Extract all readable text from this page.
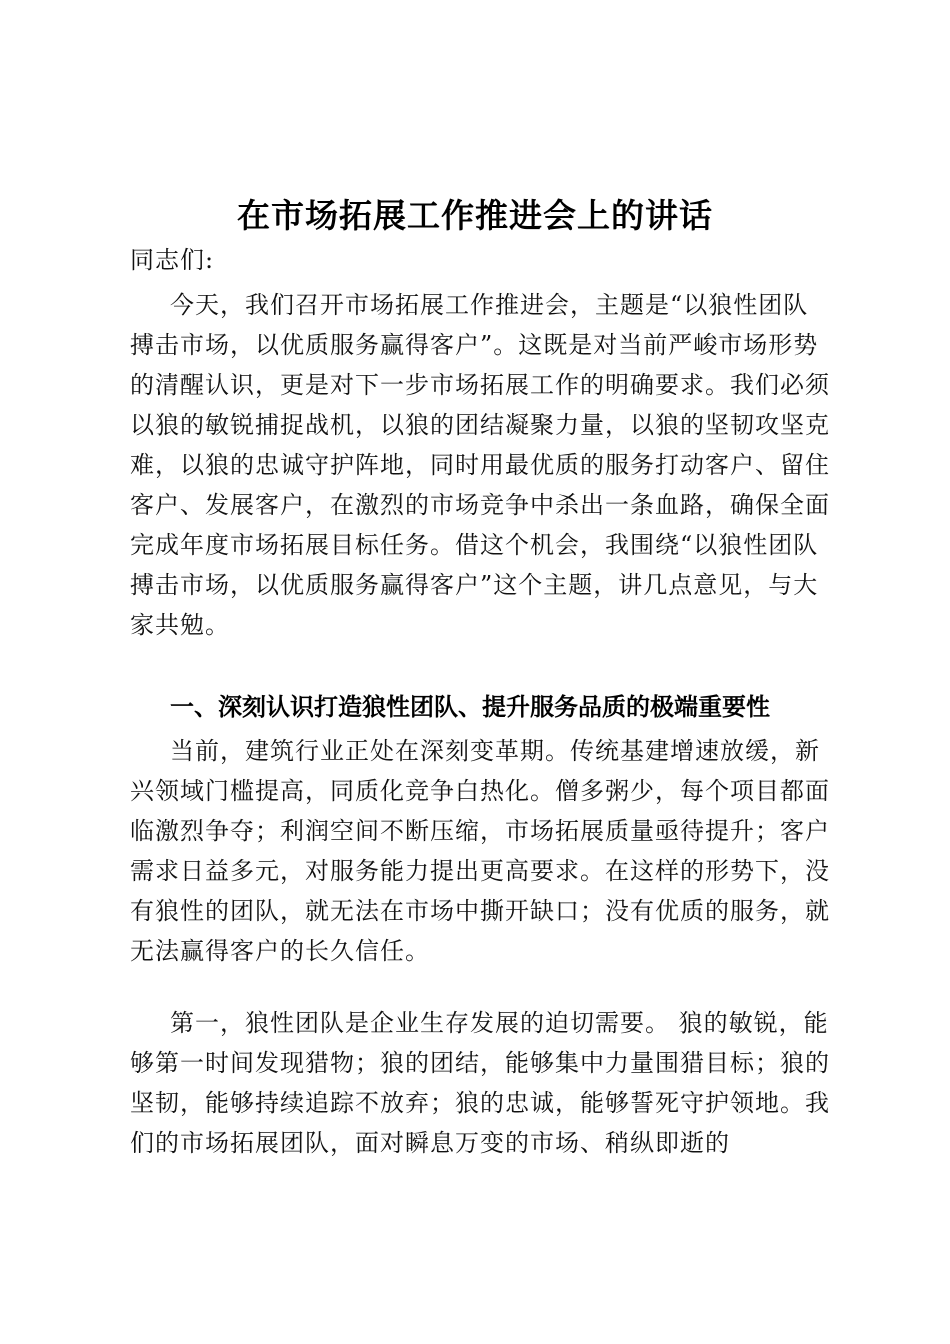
在市场拓展工作推进会上的讲话

同志们:

今天，我们召开市场拓展工作推进会，主题是“以狼性团队搏击市场，以优质服务赢得客户”。这既是对当前严峻市场形势的清醒认识，更是对下一步市场拓展工作的明确要求。我们必须以狼的敏锐捕捉战机，以狼的团结凝聚力量，以狼的坚韧攻坚克难，以狼的忠诚守护阵地，同时用最优质的服务打动客户、留住客户、发展客户，在激烈的市场竞争中杀出一条血路，确保全面完成年度市场拓展目标任务。借这个机会，我围绕“以狼性团队搏击市场，以优质服务赢得客户”这个主题，讲几点意见，与大家共勉。

一、深刻认识打造狼性团队、提升服务品质的极端重要性

当前，建筑行业正处在深刻变革期。传统基建增速放缓，新兴领域门槛提高，同质化竞争白热化。僧多粥少，每个项目都面临激烈争夺；利润空间不断压缩，市场拓展质量亟待提升；客户需求日益多元，对服务能力提出更高要求。在这样的形势下，没有狼性的团队，就无法在市场中撕开缺口；没有优质的服务，就无法赢得客户的长久信任。

第一，狼性团队是企业生存发展的迫切需要。 狼的敏锐，能够第一时间发现猎物；狼的团结，能够集中力量围猎目标；狼的坚韧，能够持续追踪不放弃；狼的忠诚，能够誓死守护领地。我们的市场拓展团队，面对瞬息万变的市场、稍纵即逝的
